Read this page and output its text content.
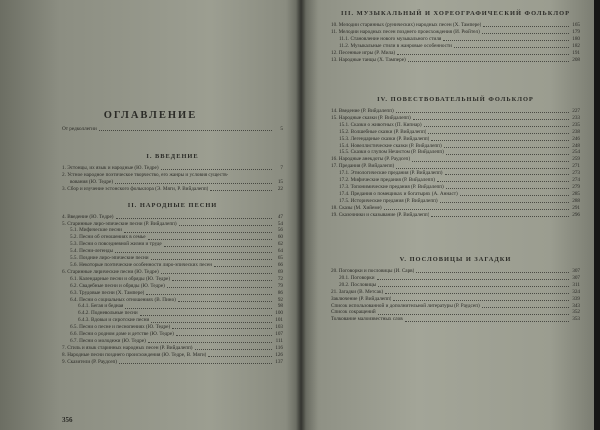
ОГЛАВЛЕНИЕ
От редколлегии	5
I. ВВЕДЕНИЕ
1. Эстонцы, их язык и народные (Ю. Тедре)	7
2. Устное народное поэтическое творчество, его жанры и условия существ-
вования (Ю. Тедре)	15
3. Сбор и изучение эстонского фольклора (Э. Мяги, Р. Вийдалепп)	22
II. НАРОДНЫЕ ПЕСНИ
4. Введение (Ю. Тедре)	47
5. Старинные лиро-эпические песни (Р. Вийдалепп)	54
5.1. Мифические песни	56
5.2. Песни об отношениях в семье	60
5.3. Песни о повседневной жизни и труде	62
5.4. Песни-легенды	64
5.5. Поздние лиро-эпические песни	65
5.6. Некоторые поэтические особенности лиро-эпических песен	66
6. Старинные лирические песни (Ю. Тедре)	69
6.1. Календарные песни и обряды (Ю. Тедре)	72
6.2. Свадебные песни и обряды (Ю. Тедре)	79
6.3. Трудовые песни (Х. Тампере)	86
6.4. Песни о социальных отношениях (В. Пино)	92
6.4.1. Бегая и бедная	98
6.4.2. Подневольные песни	100
6.4.3. Вдовьи и сиротские песни	101
6.5. Песни о песне и песнопениях (Ю. Тедре)	103
6.6. Песни о родном доме и детстве (Ю. Тедре)	107
6.7. Песни о молодежи (Ю. Тедре)	111
7. Стиль и язык старинных народных песен (Р. Вийдалепп)	116
8. Народные песни позднего происхождения (Ю. Тедре, В. Мяги)	126
9. Сказители (Р. Раудсеп)	137
356
III. МУЗЫКАЛЬНЫЙ И ХОРЕОГРАФИЧЕСКИЙ ФОЛЬКЛОР
10. Мелодии старинных (рунических) народных песен (Х. Тампере)	165
11. Мелодии народных песен позднего происхождения (И. Рюйтел)	179
11.1. Становление нового музыкального стиля	180
11.2. Музыкальные стили в жанровые особенности	182
12. Песенные игры (Р. Мила)	191
13. Народные танцы (Х. Тампере)	208
IV. ПОВЕСТВОВАТЕЛЬНЫЙ ФОЛЬКЛОР
14. Введение (Р. Вийдалепп)	227
15. Народные сказки (Р. Вийдалепп)	233
15.1. Сказки о животных (П. Кипнар)	235
15.2. Волшебные сказки (Р. Вийдалепп)	238
15.3. Легендарные сказки (Р. Вийдалепп)	246
15.4. Новеллистические сказки (Р. Вийдалепп)	248
15.5. Сказки о глупом Нечистом (Р. Вийдалепп)	254
16. Народные анекдоты (Р. Раудсеп)	259
17. Предания (Р. Вийдалепп)	271
17.1. Этиологические предания (Р. Вийдалепп)	273
17.2. Мифические предания (Р. Вийдалепп)	274
17.3. Топонимические предания (Р. Вийдалепп)	279
17.4. Предания о помещиках и богатырях (А. Аннаст)	285
17.5. Исторические предания (Р. Вийдалепп)	288
18. Сказы (М. Хийеме)	291
19. Сказочники и сказывание (Р. Вийдалепп)	296
V. ПОСЛОВИЦЫ И ЗАГАДКИ
20. Поговорки и пословицы (И. Сарв)	307
20.1. Поговорки	307
20.2. Пословицы	311
21. Загадки (В. Метсак)	324
Заключение (Р. Вийдалепп)	339
Список использованной и дополнительной литературы (Р. Раудсеп)	343
Список сокращений	352
Толкование малоизвестных слов	353
